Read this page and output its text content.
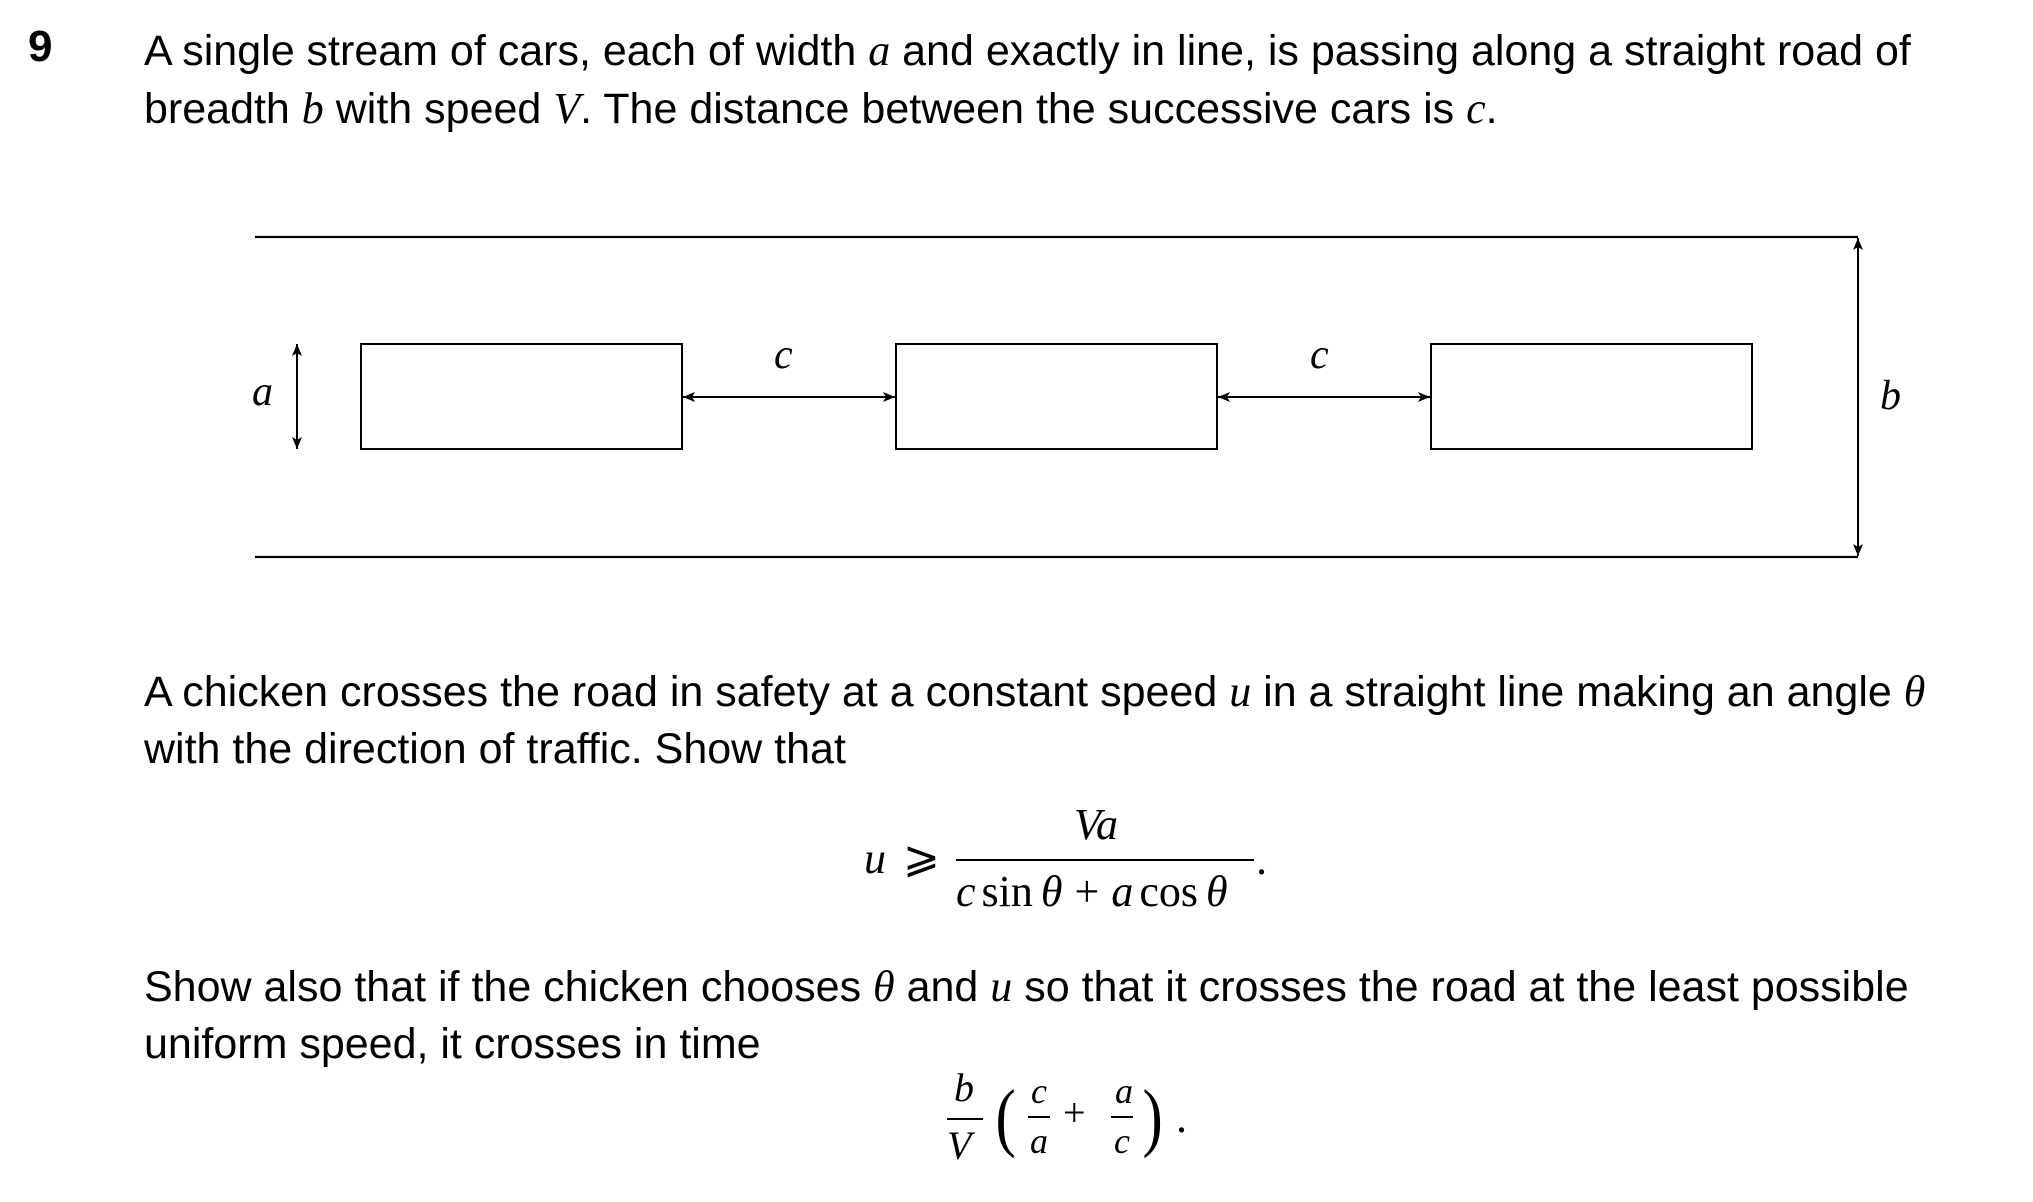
9 A single stream of cars, each of width a and exactly in line, is passing along a straight road of breadth b with speed V. The distance between the successive cars is c.
b
a
c	c
A chicken crosses the road in safety at a constant speed u in a straight line making an angle θ with the direction of traffic. Show that
u ⩾
Va
c sin θ + a cos θ
.
Show also that if the chicken chooses θ and u so that it crosses the road at the least possible uniform speed, it crosses in time
b
V ( c
a
+ a
c ) .
